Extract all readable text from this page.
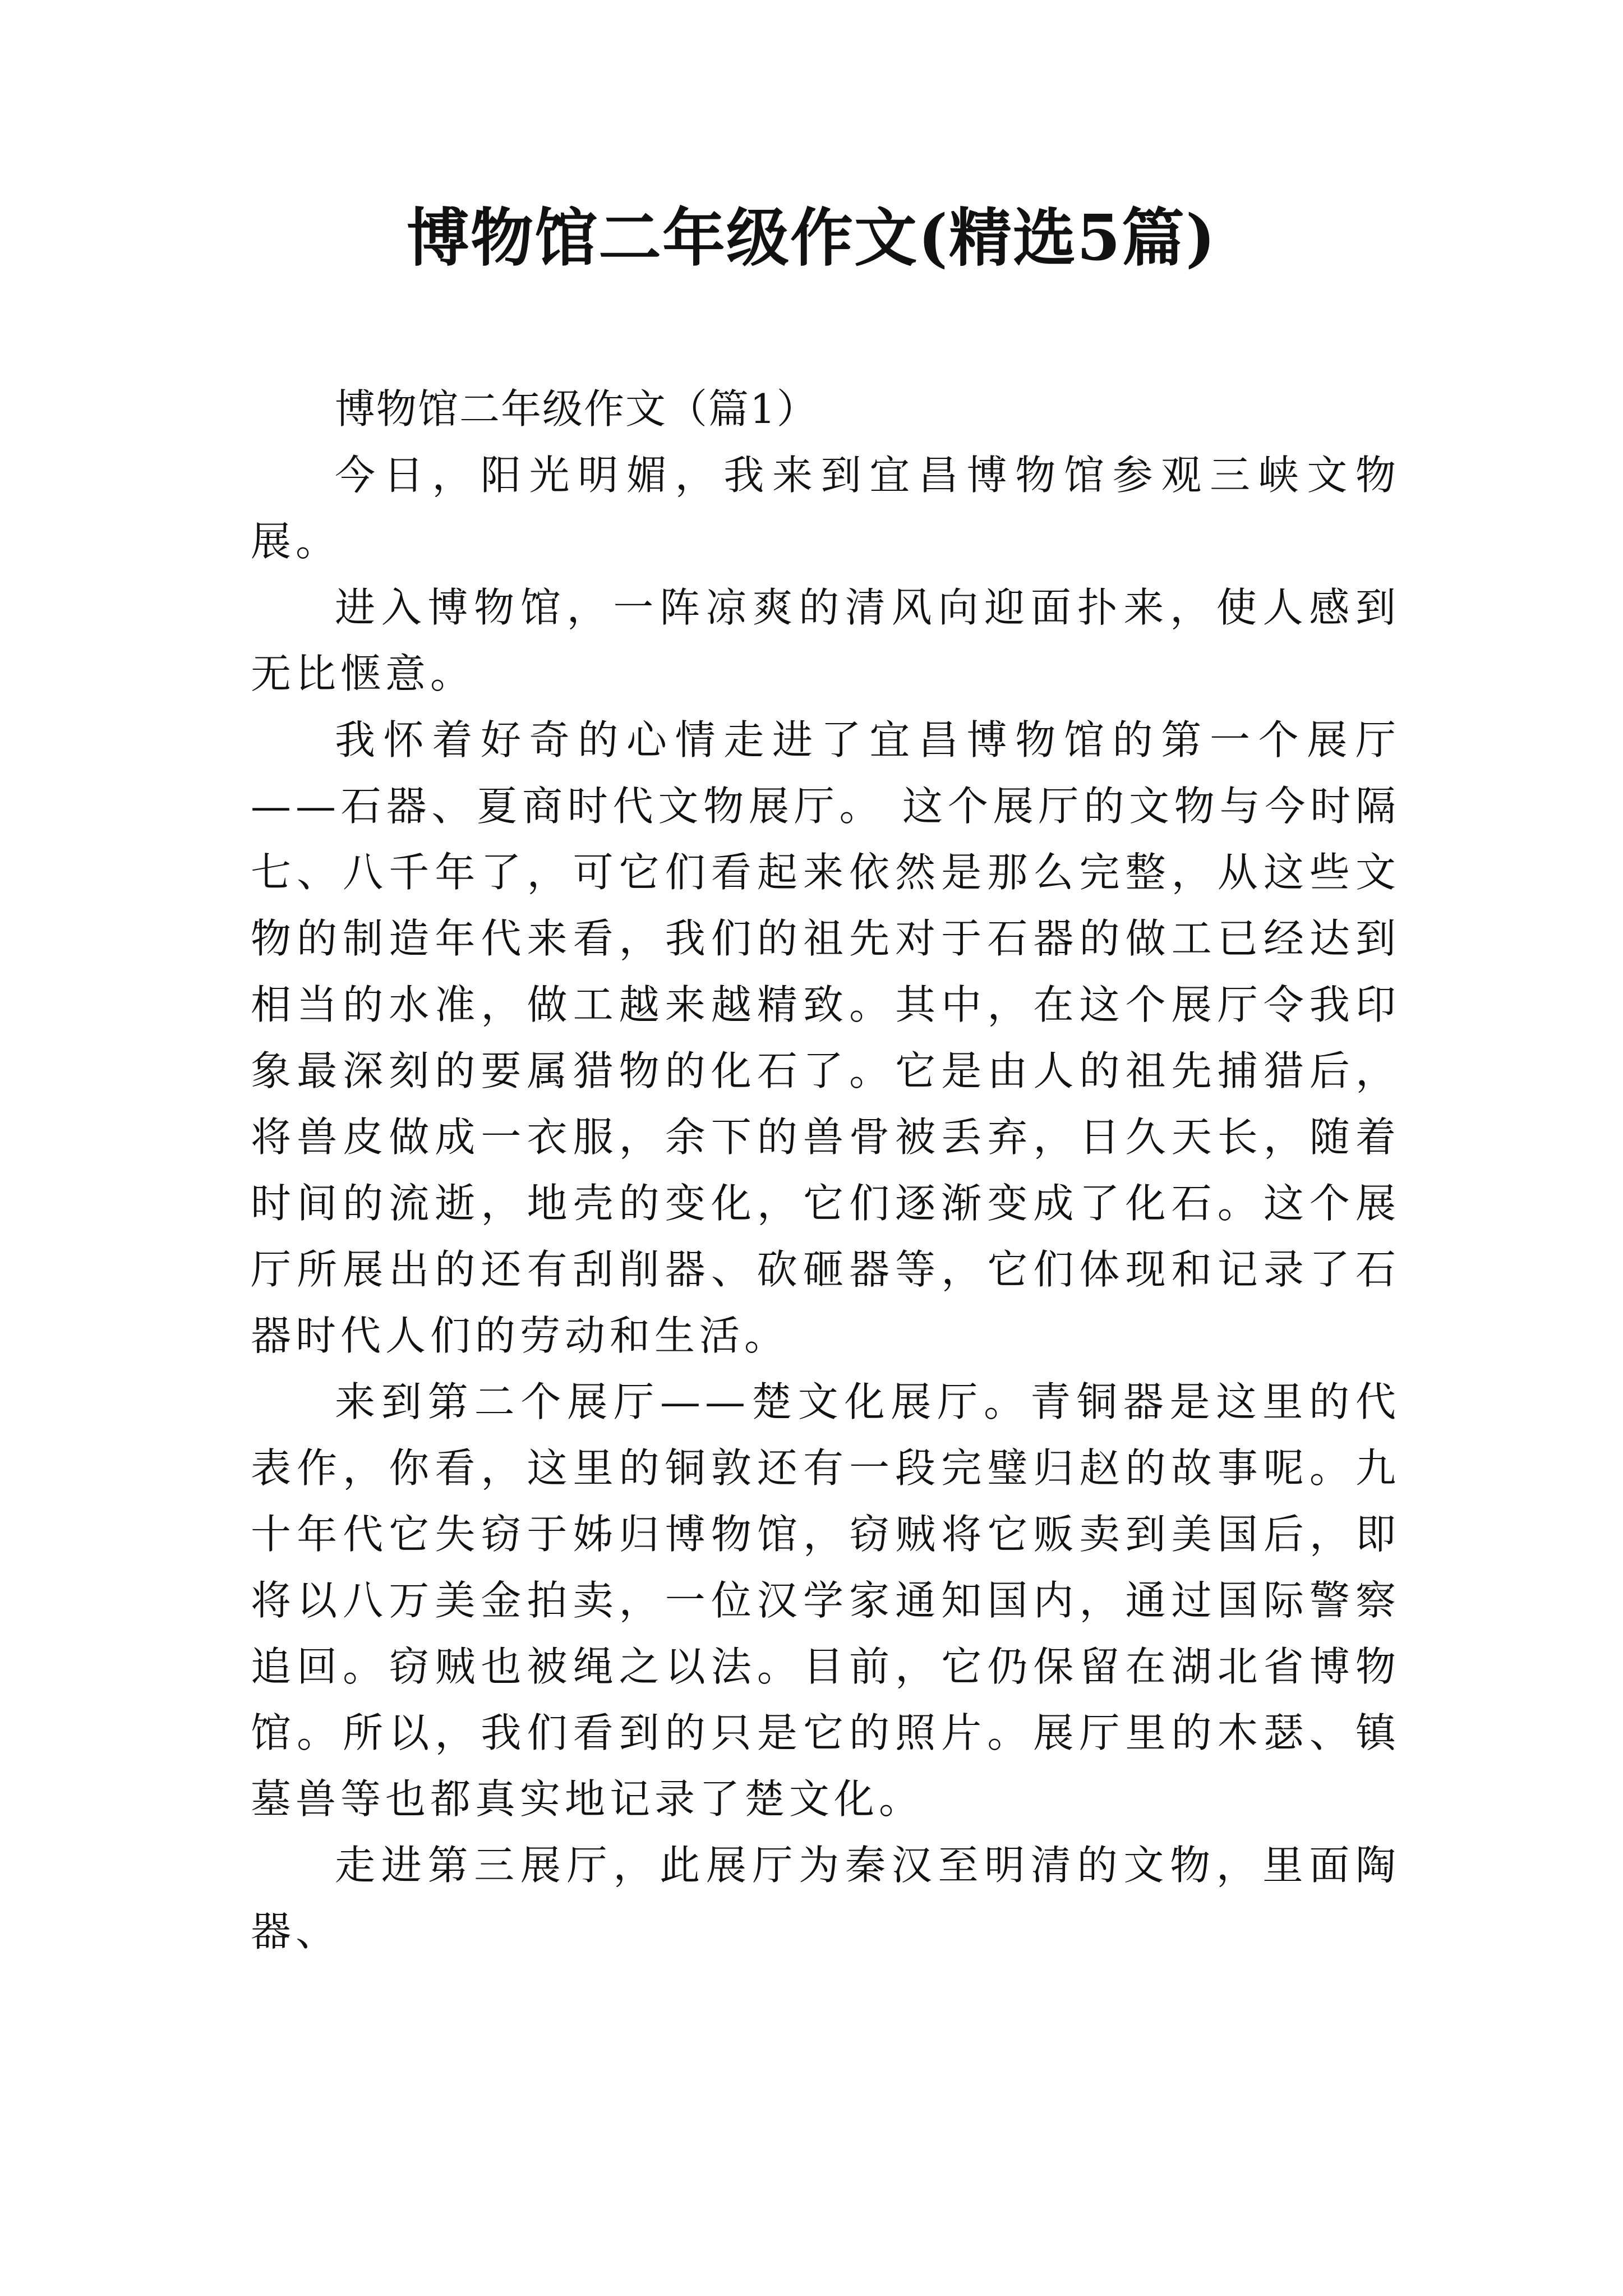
博物馆二年级作文(精选5篇)

博物馆二年级作文（篇1）

今日，阳光明媚，我来到宜昌博物馆参观三峡文物展。

进入博物馆，一阵凉爽的清风向迎面扑来，使人感到无比惬意。

我怀着好奇的心情走进了宜昌博物馆的第一个展厅——石器、夏商时代文物展厅。 这个展厅的文物与今时隔七、八千年了，可它们看起来依然是那么完整，从这些文物的制造年代来看，我们的祖先对于石器的做工已经达到相当的水准，做工越来越精致。其中，在这个展厅令我印象最深刻的要属猎物的化石了。它是由人的祖先捕猎后，将兽皮做成一衣服，余下的兽骨被丢弃，日久天长，随着时间的流逝，地壳的变化，它们逐渐变成了化石。这个展厅所展出的还有刮削器、砍砸器等，它们体现和记录了石器时代人们的劳动和生活。

来到第二个展厅——楚文化展厅。青铜器是这里的代表作，你看，这里的铜敦还有一段完璧归赵的故事呢。九十年代它失窃于姊归博物馆，窃贼将它贩卖到美国后，即将以八万美金拍卖，一位汉学家通知国内，通过国际警察追回。窃贼也被绳之以法。目前，它仍保留在湖北省博物馆。所以，我们看到的只是它的照片。展厅里的木瑟、镇墓兽等也都真实地记录了楚文化。

走进第三展厅，此展厅为秦汉至明清的文物，里面陶器、
